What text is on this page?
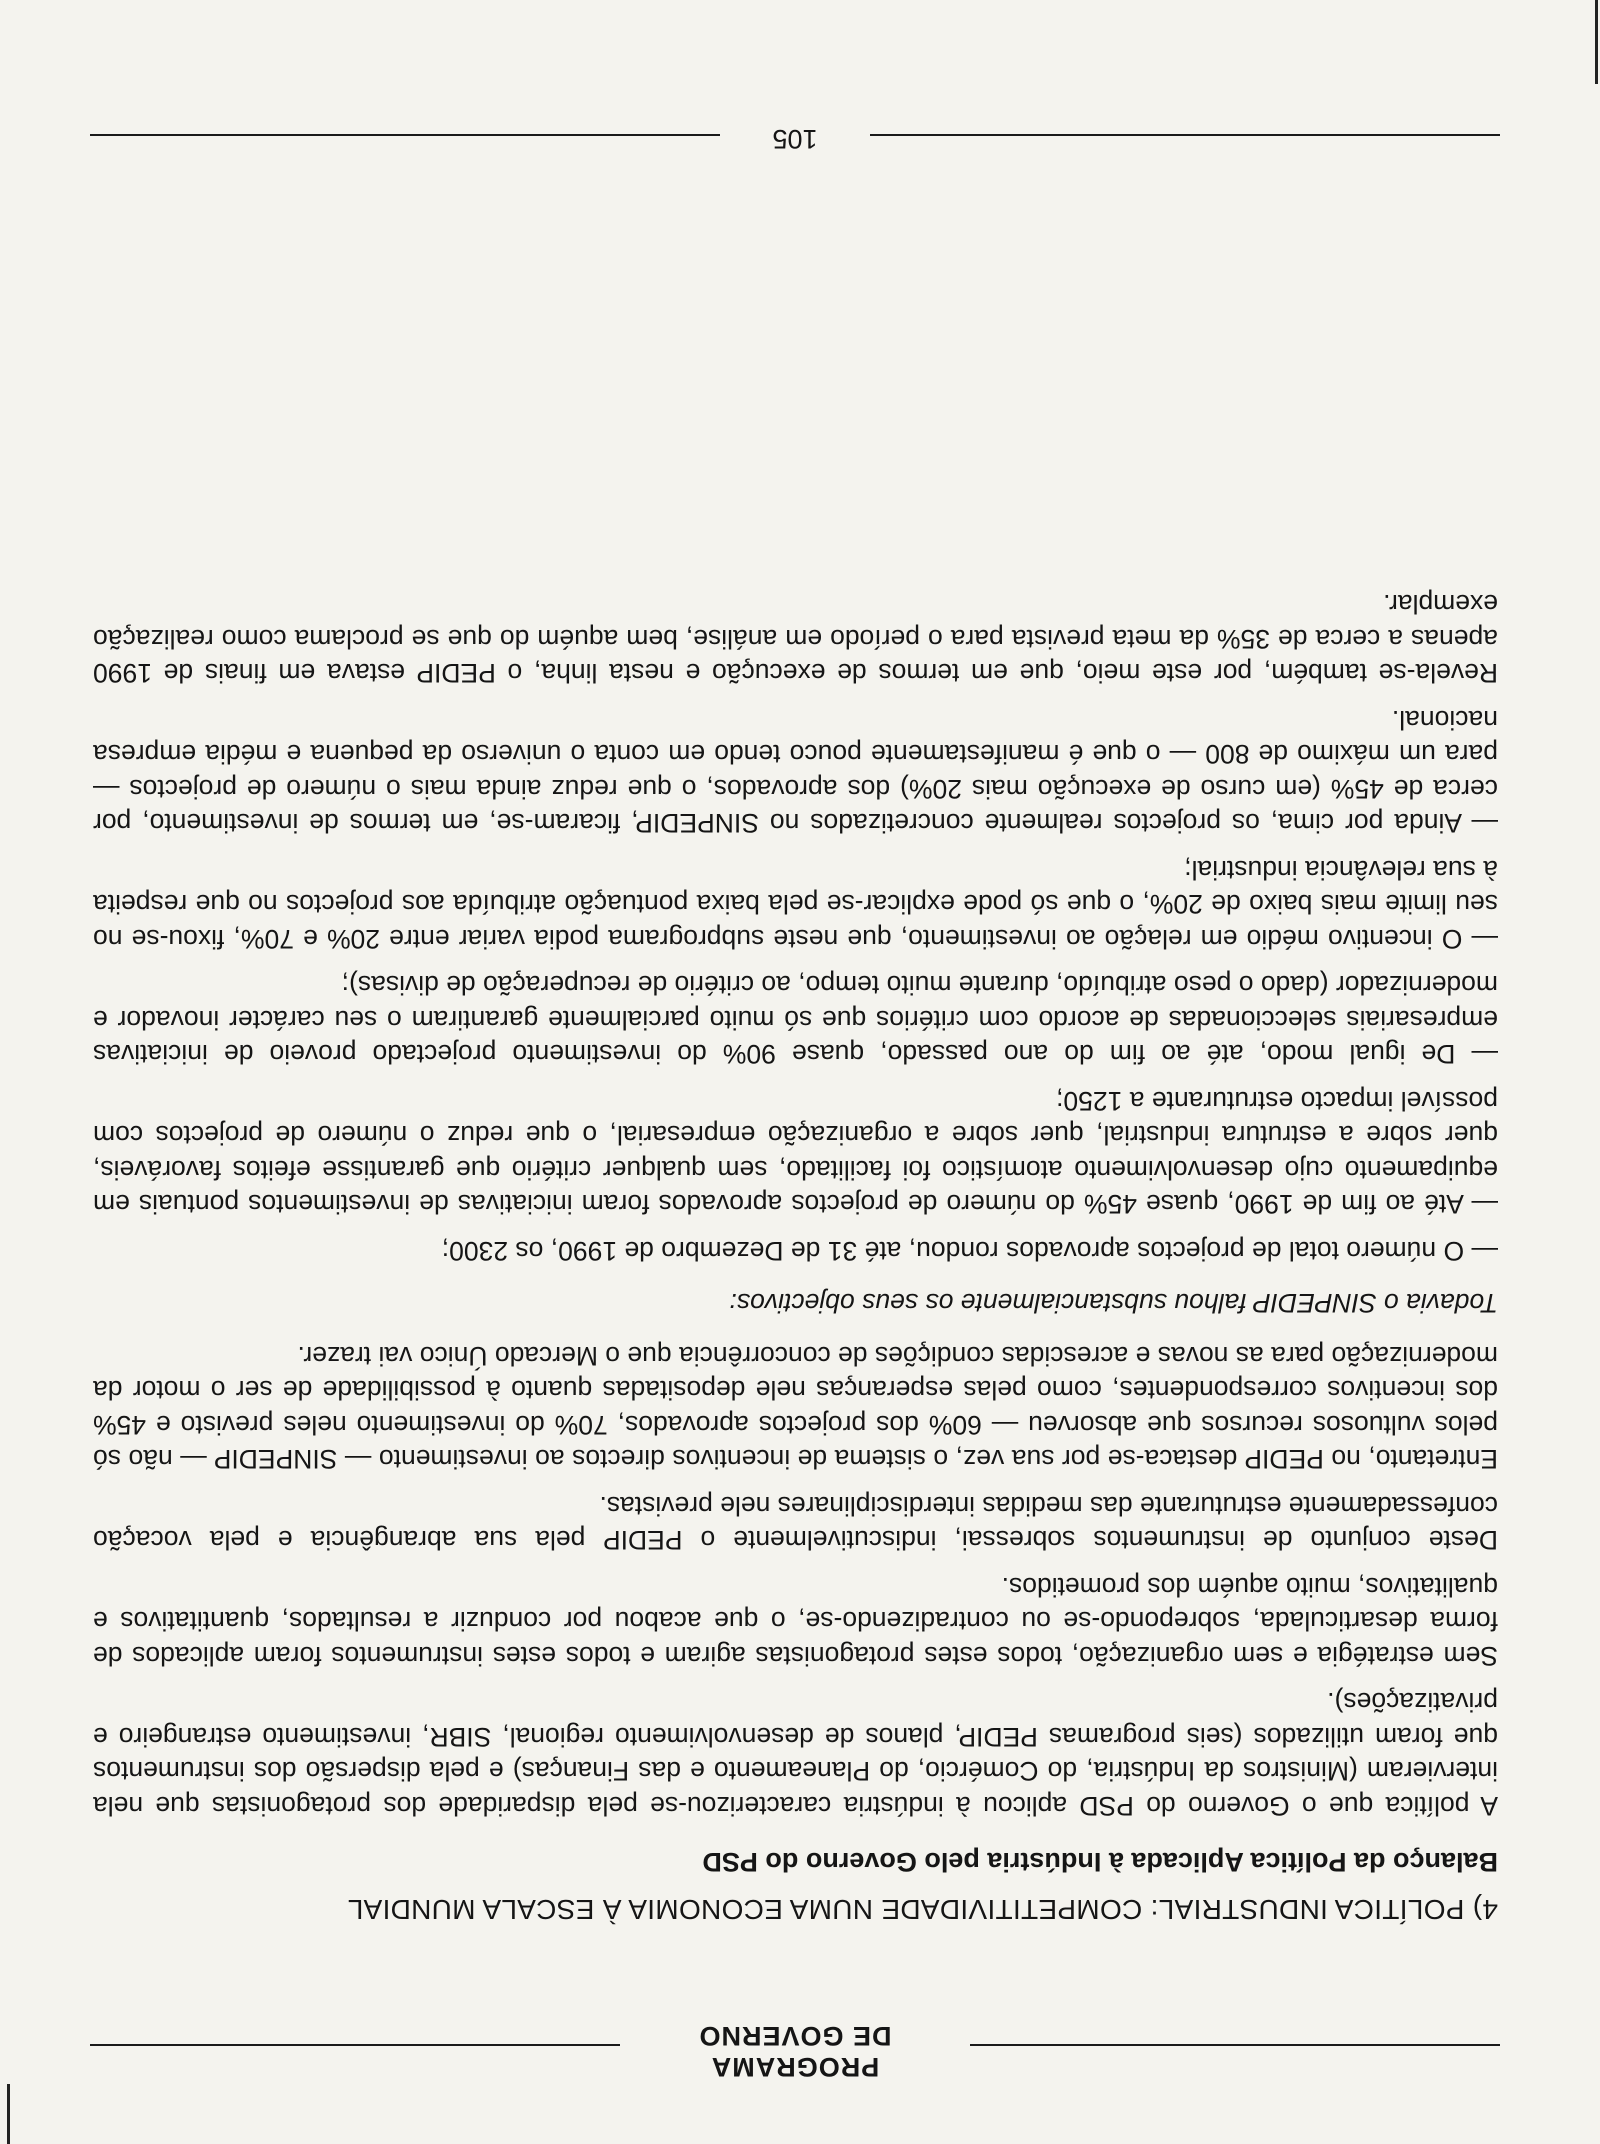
PROGRAMA
DE GOVERNO

4) POLÍTICA INDUSTRIAL: COMPETITIVIDADE NUMA ECONOMIA À ESCALA MUNDIAL

Balanço da Política Aplicada à Indústria pelo Governo do PSD

A política que o Governo do PSD aplicou à indústria caracterizou-se pela disparidade dos protagonistas que nela intervieram (Ministros da Indústria, do Comércio, do Planeamento e das Finanças) e pela dispersão dos instrumentos que foram utilizados (seis programas PEDIP, planos de desenvolvimento regional, SIBR, investimento estrangeiro e privatizações).

Sem estratégia e sem organização, todos estes protagonistas agiram e todos estes instrumentos foram aplicados de forma desarticulada, sobrepondo-se ou contradizendo-se, o que acabou por conduzir a resultados, quantitativos e qualitativos, muito aquém dos prometidos.

Deste conjunto de instrumentos sobressai, indiscutivelmente o PEDIP pela sua abrangência e pela vocação confessadamente estruturante das medidas interdisciplinares nele previstas.

Entretanto, no PEDIP destaca-se por sua vez, o sistema de incentivos directos ao investimento — SINPEDIP — não só pelos vultuosos recursos que absorveu — 60% dos projectos aprovados, 70% do investimento neles previsto e 45% dos incentivos correspondentes, como pelas esperanças nele depositadas quanto à possibilidade de ser o motor da modernização para as novas e acrescidas condições de concorrência que o Mercado Único vai trazer.

Todavia o SINPEDIP falhou substancialmente os seus objectivos:

— O número total de projectos aprovados rondou, até 31 de Dezembro de 1990, os 2300;

— Até ao fim de 1990, quase 45% do número de projectos aprovados foram iniciativas de investimentos pontuais em equipamento cujo desenvolvimento atomístico foi facilitado, sem qualquer critério que garantisse efeitos favoráveis, quer sobre a estrutura industrial, quer sobre a organização empresarial, o que reduz o número de projectos com possível impacto estruturante a 1250;

— De igual modo, até ao fim do ano passado, quase 90% do investimento projectado proveio de iniciativas empresariais seleccionadas de acordo com critérios que só muito parcialmente garantiram o seu carácter inovador e modernizador (dado o peso atribuído, durante muito tempo, ao critério de recuperação de divisas);

— O incentivo médio em relação ao investimento, que neste subprograma podia variar entre 20% e 70%, fixou-se no seu limite mais baixo de 20%, o que só pode explicar-se pela baixa pontuação atribuída aos projectos no que respeita à sua relevância industrial;

— Ainda por cima, os projectos realmente concretizados no SINPEDIP, ficaram-se, em termos de investimento, por cerca de 45% (em curso de execução mais 20%) dos aprovados, o que reduz ainda mais o número de projectos — para um máximo de 800 — o que é manifestamente pouco tendo em conta o universo da pequena e média empresa nacional.

Revela-se também, por este meio, que em termos de execução e nesta linha, o PEDIP estava em finais de 1990 apenas a cerca de 35% da meta prevista para o período em análise, bem aquém do que se proclama como realização exemplar.

105
